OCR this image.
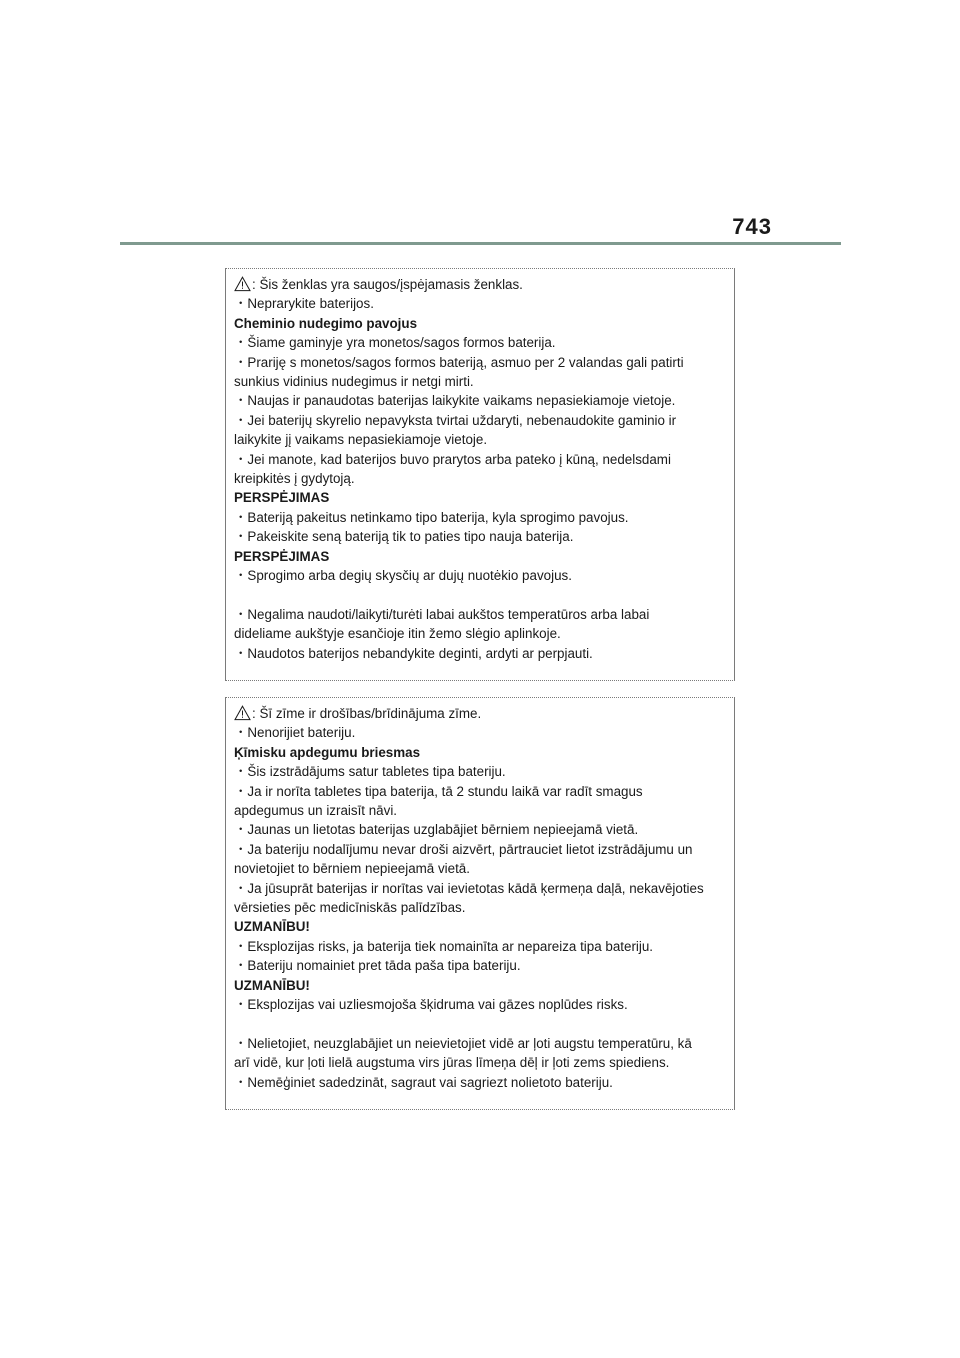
743
: Šis ženklas yra saugos/įspėjamasis ženklas.
・Neprarykite baterijos.
Cheminio nudegimo pavojus
・Šiame gaminyje yra monetos/sagos formos baterija.
・Prariję s monetos/sagos formos bateriją, asmuo per 2 valandas gali patirti
sunkius vidinius nudegimus ir netgi mirti.
・Naujas ir panaudotas baterijas laikykite vaikams nepasiekiamoje vietoje.
・Jei baterijų skyrelio nepavyksta tvirtai uždaryti, nebenaudokite gaminio ir
laikykite jį vaikams nepasiekiamoje vietoje.
・Jei manote, kad baterijos buvo prarytos arba pateko į kūną, nedelsdami
kreipkitės į gydytoją.
PERSPĖJIMAS
・Bateriją pakeitus netinkamo tipo baterija, kyla sprogimo pavojus.
・Pakeiskite seną bateriją tik to paties tipo nauja baterija.
PERSPĖJIMAS
・Sprogimo arba degių skysčių ar dujų nuotėkio pavojus.
・Negalima naudoti/laikyti/turėti labai aukštos temperatūros arba labai
dideliame aukštyje esančioje itin žemo slėgio aplinkoje.
・Naudotos baterijos nebandykite deginti, ardyti ar perpjauti.
: Šī zīme ir drošības/brīdinājuma zīme.
・Nenorijiet bateriju.
Ķīmisku apdegumu briesmas
・Šis izstrādājums satur tabletes tipa bateriju.
・Ja ir norīta tabletes tipa baterija, tā 2 stundu laikā var radīt smagus
apdegumus un izraisīt nāvi.
・Jaunas un lietotas baterijas uzglabājiet bērniem nepieejamā vietā.
・Ja bateriju nodalījumu nevar droši aizvērt, pārtrauciet lietot izstrādājumu un
novietojiet to bērniem nepieejamā vietā.
・Ja jūsuprāt baterijas ir norītas vai ievietotas kādā ķermeņa daļā, nekavējoties
vērsieties pēc medicīniskās palīdzības.
UZMANĪBU!
・Eksplozijas risks, ja baterija tiek nomainīta ar nepareiza tipa bateriju.
・Bateriju nomainiet pret tāda paša tipa bateriju.
UZMANĪBU!
・Eksplozijas vai uzliesmojoša šķidruma vai gāzes noplūdes risks.
・Nelietojiet, neuzglabājiet un neievietojiet vidē ar ļoti augstu temperatūru, kā
arī vidē, kur ļoti lielā augstuma virs jūras līmeņa dēļ ir ļoti zems spiediens.
・Nemēģiniet sadedzināt, sagraut vai sagriezt nolietoto bateriju.
